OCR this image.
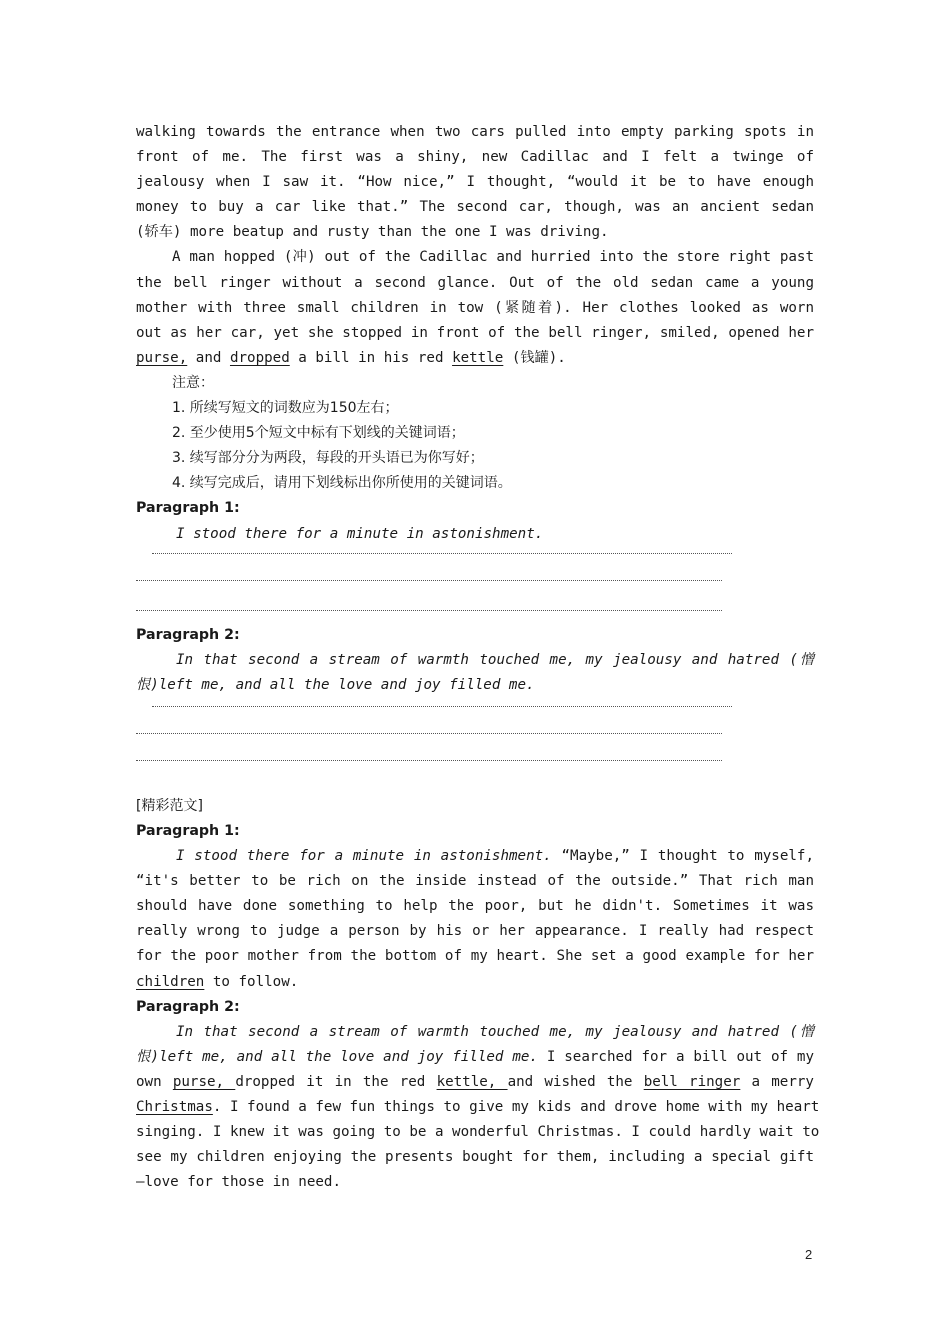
walking towards the entrance when two cars pulled into empty parking spots in
front of me. The first was a shiny, new Cadillac and I felt a twinge of
jealousy when I saw it. “How nice,” I thought, “would it be to have enough
money to buy a car like that.” The second car, though, was an ancient sedan
(轿车) more beatup and rusty than the one I was driving.
A man hopped (冲) out of the Cadillac and hurried into the store right past
the bell ringer without a second glance. Out of the old sedan came a young
mother with three small children in tow (紧随着). Her clothes looked as worn
out as her car, yet she stopped in front of the bell ringer, smiled, opened her
purse, and dropped a bill in his red kettle (钱罐).
注意：
1. 所续写短文的词数应为150左右；
2. 至少使用5个短文中标有下划线的关键词语；
3. 续写部分分为两段，每段的开头语已为你写好；
4. 续写完成后，请用下划线标出你所使用的关键词语。
Paragraph 1:
I stood there for a minute in astonishment.
Paragraph 2:
In that second a stream of warmth touched me, my jealousy and hatred (憎
恨)left me, and all the love and joy filled me.
[精彩范文]
Paragraph 1:
I stood there for a minute in astonishment. “Maybe,” I thought to myself,
“it's better to be rich on the inside instead of the outside.” That rich man
should have done something to help the poor, but he didn't. Sometimes it was
really wrong to judge a person by his or her appearance. I really had respect
for the poor mother from the bottom of my heart. She set a good example for her
children to follow.
Paragraph 2:
In that second a stream of warmth touched me, my jealousy and hatred (憎
恨)left me, and all the love and joy filled me. I searched for a bill out of my
own purse, dropped it in the red kettle, and wished the bell ringer a merry
Christmas. I found a few fun things to give my kids and drove home with my heart
singing. I knew it was going to be a wonderful Christmas. I could hardly wait to
see my children enjoying the presents bought for them, including a special gift
—love for those in need.
2
